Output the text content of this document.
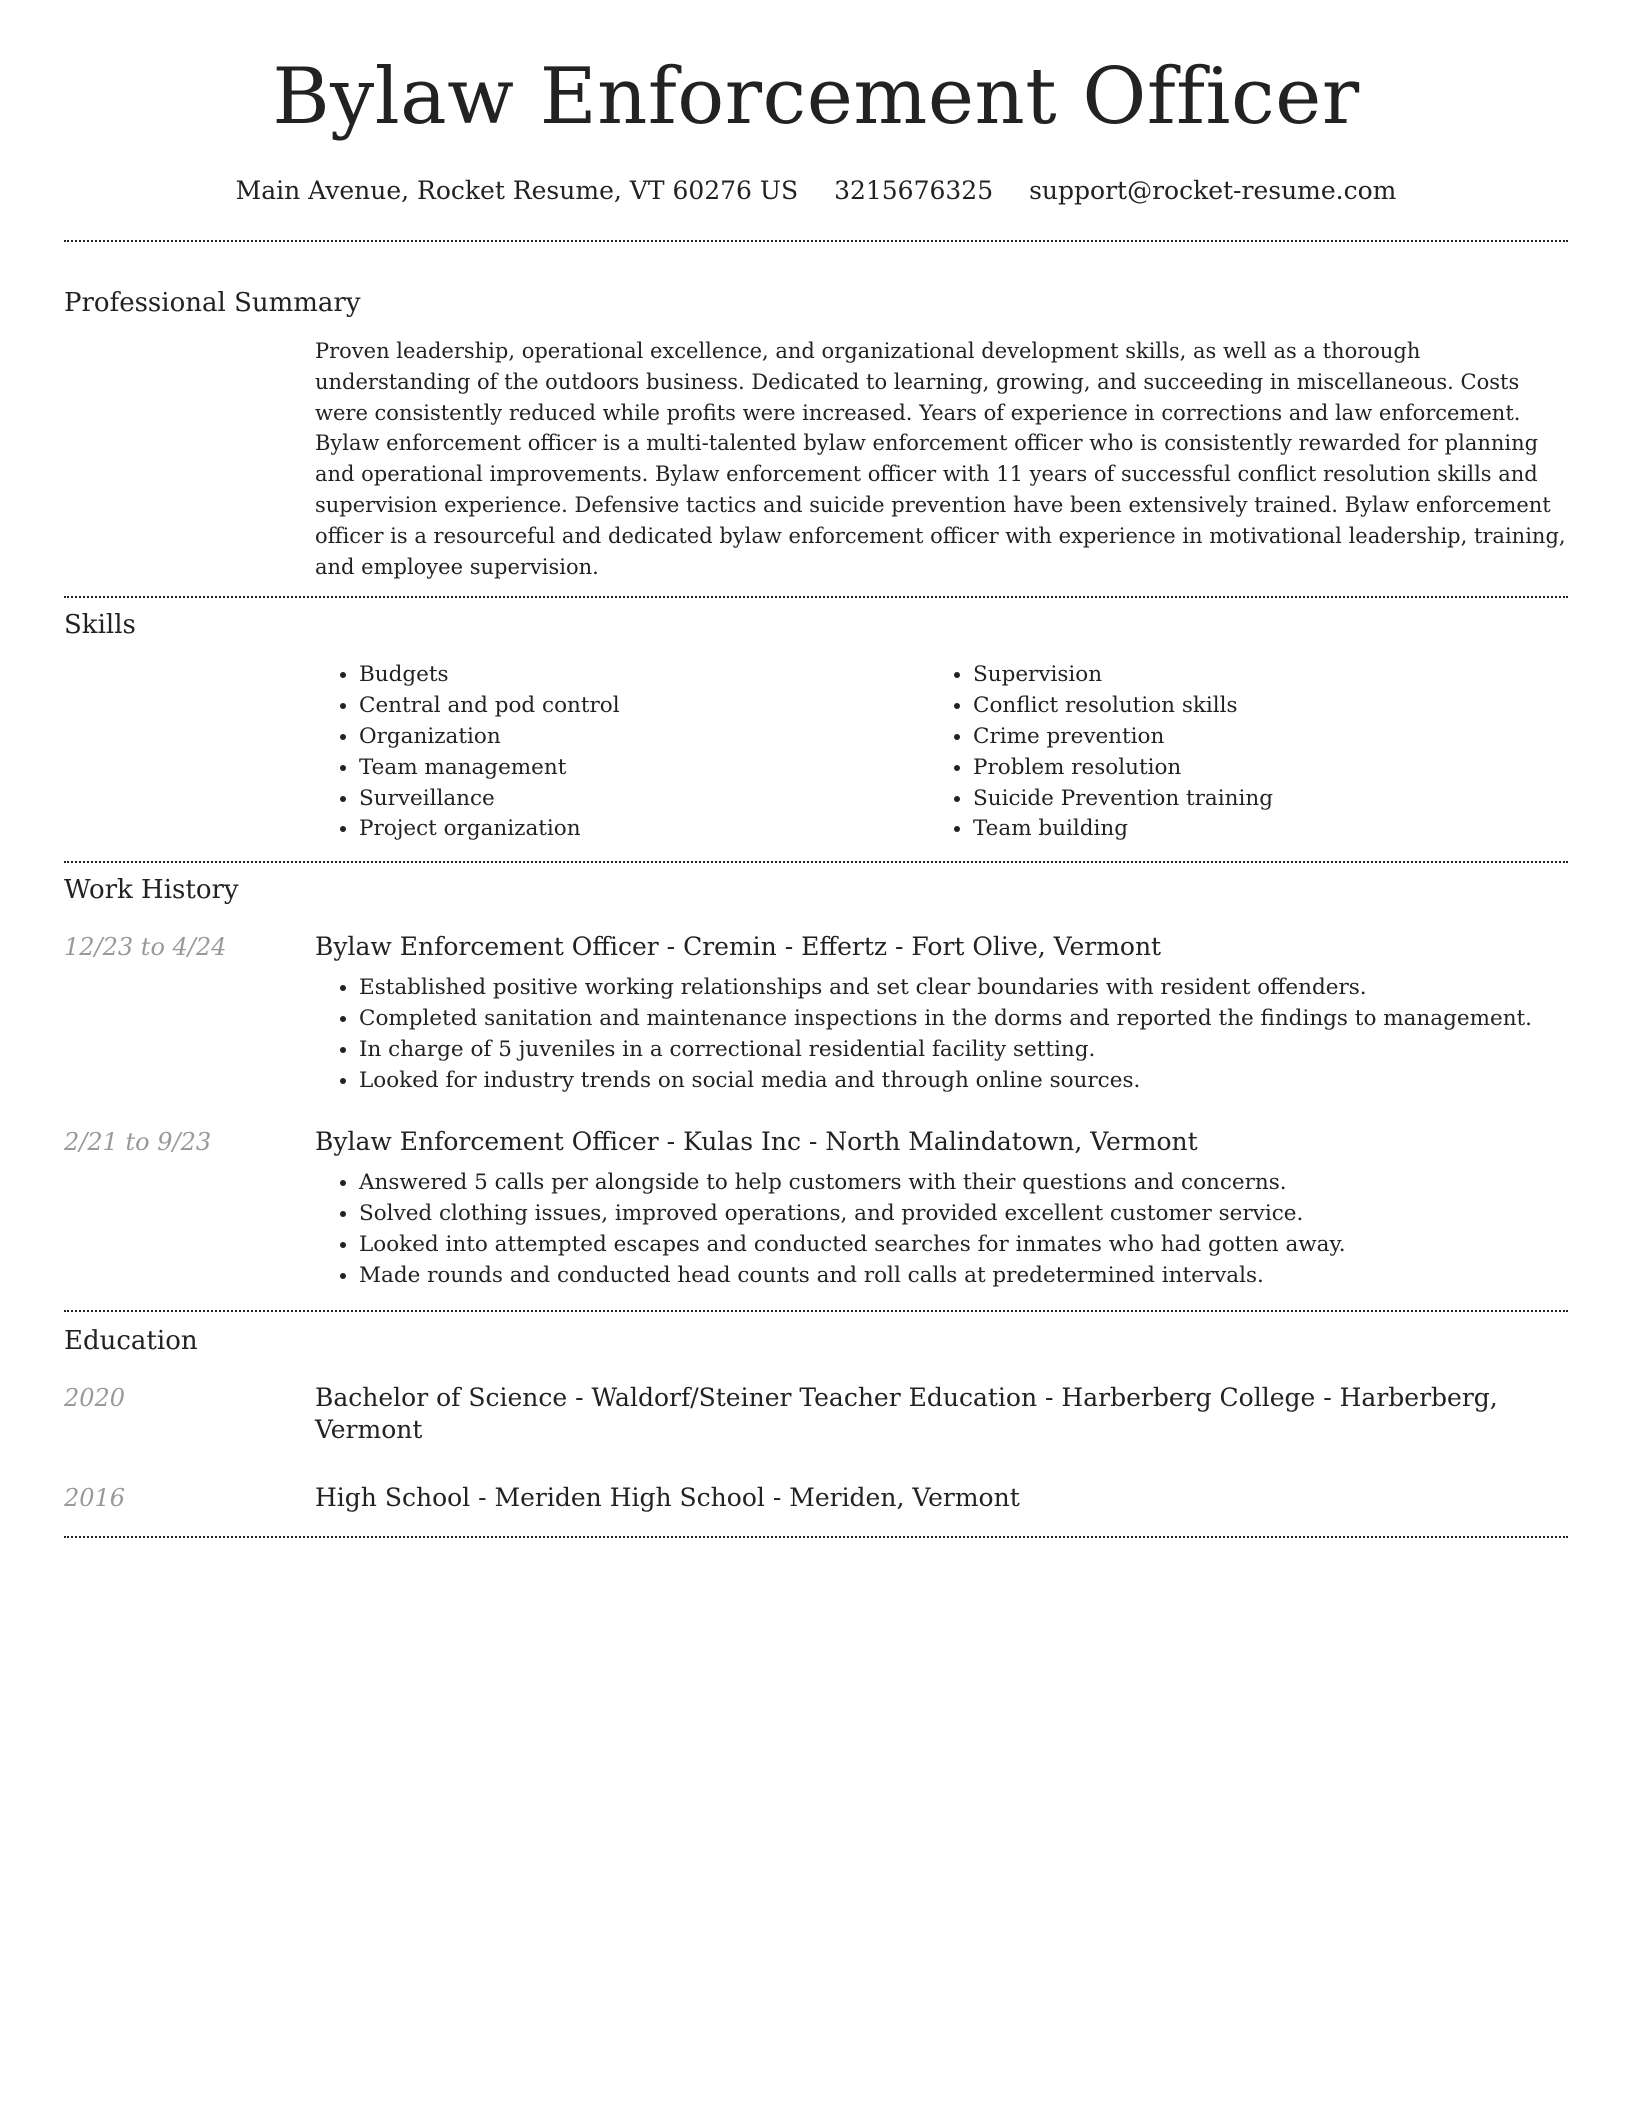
Bylaw Enforcement Officer
Main Avenue, Rocket Resume, VT 60276 US 3215676325 support@rocket-resume.com
Professional Summary
Proven leadership, operational excellence, and organizational development skills, as well as a thorough understanding of the outdoors business. Dedicated to learning, growing, and succeeding in miscellaneous. Costs were consistently reduced while profits were increased. Years of experience in corrections and law enforcement. Bylaw enforcement officer is a multi-talented bylaw enforcement officer who is consistently rewarded for planning and operational improvements. Bylaw enforcement officer with 11 years of successful conflict resolution skills and supervision experience. Defensive tactics and suicide prevention have been extensively trained. Bylaw enforcement officer is a resourceful and dedicated bylaw enforcement officer with experience in motivational leadership, training, and employee supervision.
Skills
• Budgets
• Central and pod control
• Organization
• Team management
• Surveillance
• Project organization
• Supervision
• Conflict resolution skills
• Crime prevention
• Problem resolution
• Suicide Prevention training
• Team building
Work History
12/23 to 4/24	Bylaw Enforcement Officer - Cremin - Effertz - Fort Olive, Vermont
• Established positive working relationships and set clear boundaries with resident offenders.
• Completed sanitation and maintenance inspections in the dorms and reported the findings to management.
• In charge of 5 juveniles in a correctional residential facility setting.
• Looked for industry trends on social media and through online sources.
2/21 to 9/23	Bylaw Enforcement Officer - Kulas Inc - North Malindatown, Vermont
• Answered 5 calls per alongside to help customers with their questions and concerns.
• Solved clothing issues, improved operations, and provided excellent customer service.
• Looked into attempted escapes and conducted searches for inmates who had gotten away.
• Made rounds and conducted head counts and roll calls at predetermined intervals.
Education
2020	Bachelor of Science - Waldorf/Steiner Teacher Education - Harberberg College - Harberberg, Vermont
2016	High School - Meriden High School - Meriden, Vermont
